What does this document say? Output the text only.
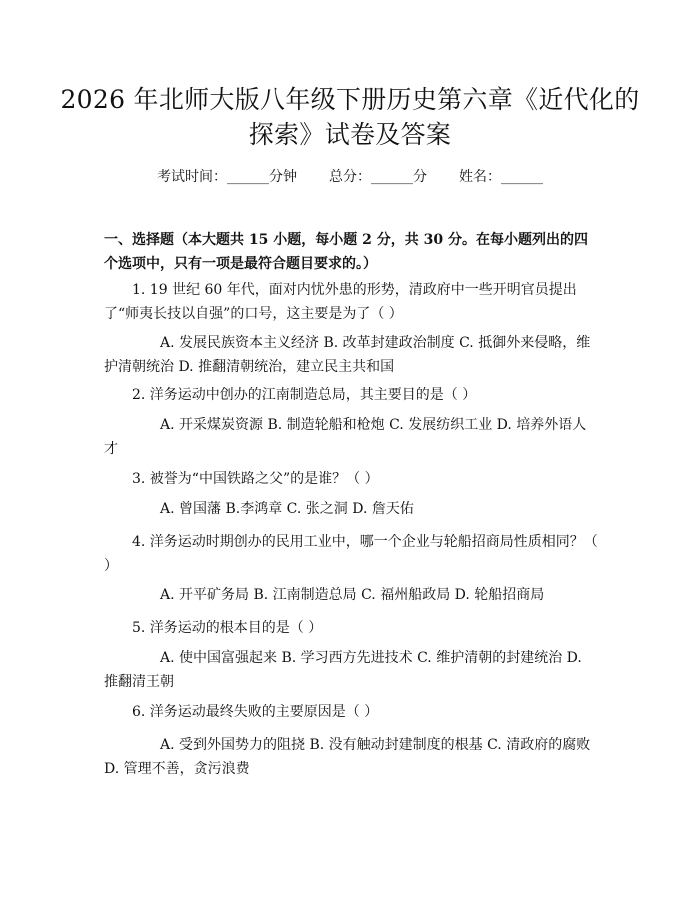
2026 年北师大版八年级下册历史第六章《近代化的探索》试卷及答案
考试时间：______分钟 总分：______分 姓名：______
一、选择题（本大题共 15 小题，每小题 2 分，共 30 分。在每小题列出的四个选项中，只有一项是最符合题目要求的。）
1. 19 世纪 60 年代，面对内忧外患的形势，清政府中一些开明官员提出了“师夷长技以自强”的口号，这主要是为了（ ）
A. 发展民族资本主义经济 B. 改革封建政治制度 C. 抵御外来侵略，维护清朝统治 D. 推翻清朝统治，建立民主共和国
2. 洋务运动中创办的江南制造总局，其主要目的是（ ）
A. 开采煤炭资源 B. 制造轮船和枪炮 C. 发展纺织工业 D. 培养外语人才
3. 被誉为“中国铁路之父”的是谁？（ ）
A. 曾国藩 B.李鸿章 C. 张之洞 D. 詹天佑
4. 洋务运动时期创办的民用工业中，哪一个企业与轮船招商局性质相同？（ ）
A. 开平矿务局 B. 江南制造总局 C. 福州船政局 D. 轮船招商局
5. 洋务运动的根本目的是（ ）
A. 使中国富强起来 B. 学习西方先进技术 C. 维护清朝的封建统治 D. 推翻清王朝
6. 洋务运动最终失败的主要原因是（ ）
A. 受到外国势力的阻挠 B. 没有触动封建制度的根基 C. 清政府的腐败 D. 管理不善，贪污浪费
